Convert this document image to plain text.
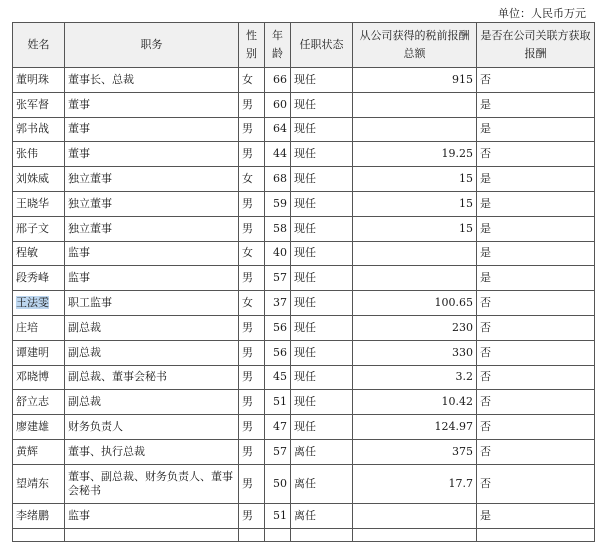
单位：人民币万元
姓名	职务	性别	年龄	任职状态	从公司获得的税前报酬总额	是否在公司关联方获取报酬
董明珠	董事长、总裁	女	66	现任	915	否
张军督	董事	男	60	现任		是
郭书战	董事	男	64	现任		是
张伟	董事	男	44	现任	19.25	否
刘姝威	独立董事	女	68	现任	15	是
王晓华	独立董事	男	59	现任	15	是
邢子文	独立董事	男	58	现任	15	是
程敏	监事	女	40	现任		是
段秀峰	监事	男	57	现任		是
王法雯	职工监事	女	37	现任	100.65	否
庄培	副总裁	男	56	现任	230	否
谭建明	副总裁	男	56	现任	330	否
邓晓博	副总裁、董事会秘书	男	45	现任	3.2	否
舒立志	副总裁	男	51	现任	10.42	否
廖建雄	财务负责人	男	47	现任	124.97	否
黄辉	董事、执行总裁	男	57	离任	375	否
望靖东	董事、副总裁、财务负责人、董事会秘书	男	50	离任	17.7	否
李绪鹏	监事	男	51	离任		是
